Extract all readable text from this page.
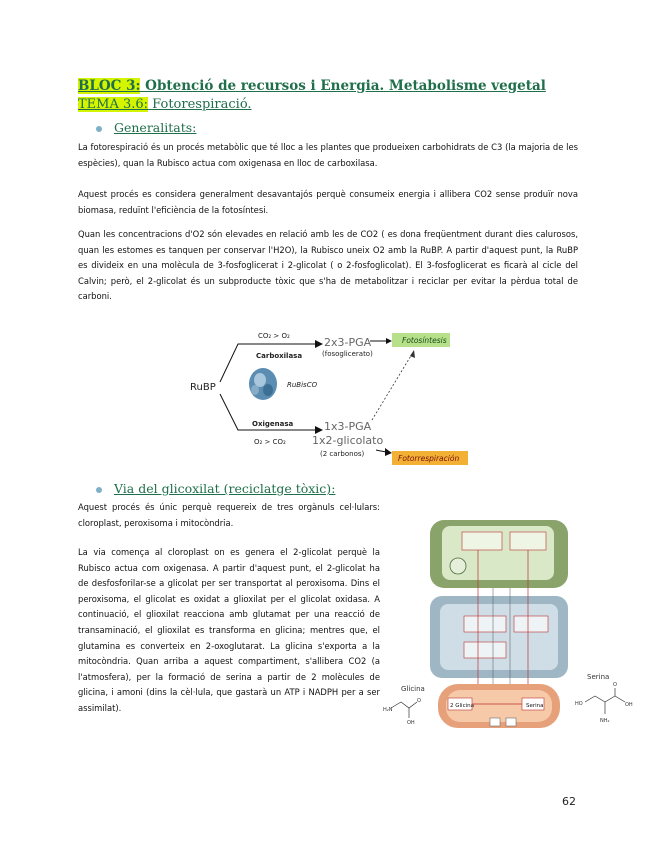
BLOC 3: Obtenció de recursos i Energia. Metabolisme vegetal
TEMA 3.6: Fotorespiració.
Generalitats:
La fotorespiració és un procés metabòlic que té lloc a les plantes que produeixen carbohidrats de C3 (la majoria de les espècies), quan la Rubisco actua com oxigenasa en lloc de carboxilasa.
Aquest procés es considera generalment desavantajós perquè consumeix energia i allibera CO2 sense produïr nova biomasa, reduïnt l'eficiència de la fotosíntesi.
Quan les concentracions d'O2 són elevades en relació amb les de CO2 ( es dona freqüentment durant dies calurosos, quan les estomes es tanquen per conservar l'H2O), la Rubisco uneix O2 amb la RuBP. A partir d'aquest punt, la RuBP es divideix en una molècula de 3-fosfoglicerat i 2-glicolat ( o 2-fosfoglicolat). El 3-fosfoglicerat es ficarà al cicle del Calvin; però, el 2-glicolat és un subproducte tòxic que s'ha de metabolitzar i reciclar per evitar la pèrdua total de carboni.
RuBP
CO₂ > O₂
Carboxilasa
2x3-PGA
(fosoglicerato)
Fotosíntesis
RuBisCO
Oxigenasa
O₂ > CO₂
1x3-PGA
1x2-glicolato
(2 carbonos)	Fotorrespiración
Via del glicoxilat (reciclatge tòxic):
Aquest procés és únic perquè requereix de tres orgànuls cel·lulars: cloroplast, peroxisoma i mitocòndria.
La via comença al cloroplast on es genera el 2-glicolat perquè la Rubisco actua com oxigenasa. A partir d'aquest punt, el 2-glicolat ha de desfosforilar-se a glicolat per ser transportat al peroxisoma. Dins el peroxisoma, el glicolat es oxidat a glioxilat per el glicolat oxidasa. A continuació, el glioxilat reacciona amb glutamat per una reacció de transaminació, el glioxilat es transforma en glicina; mentres que, el glutamina es converteix en 2-oxoglutarat. La glicina s'exporta a la mitocòndria. Quan arriba a aquest compartiment, s'allibera CO2 (a l'atmosfera), per la formació de serina a partir de 2 molècules de glicina, i amoni (dins la cèl·lula, que gastarà un ATP i NADPH per a ser assimilat).	2 Glicina	Serina
Glicina
H₂N
O
OH
Serina
HO
O
OH
NH₂
62
